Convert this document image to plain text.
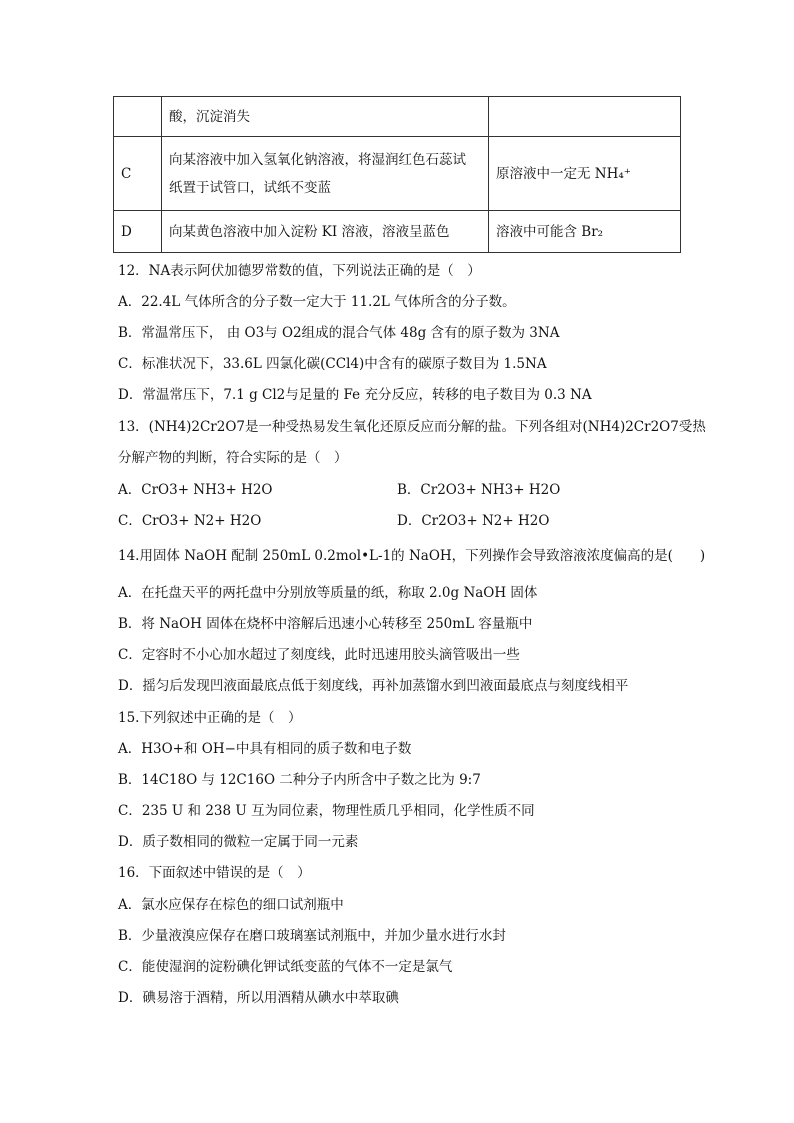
	酸，沉淀消失	
C	向某溶液中加入氢氧化钠溶液，将湿润红色石蕊试
纸置于试管口，试纸不变蓝	原溶液中一定无 NH₄⁺
D	向某黄色溶液中加入淀粉 KI 溶液，溶液呈蓝色	溶液中可能含 Br₂
12．NA表示阿伏加德罗常数的值，下列说法正确的是（　）
A．22.4L 气体所含的分子数一定大于 11.2L 气体所含的分子数。
B．常温常压下， 由 O3与 O2组成的混合气体 48g 含有的原子数为 3NA
C．标准状况下，33.6L 四氯化碳(CCl4)中含有的碳原子数目为 1.5NA
D．常温常压下，7.1 g Cl2与足量的 Fe 充分反应，转移的电子数目为 0.3 NA
13．(NH4)2Cr2O7是一种受热易发生氧化还原反应而分解的盐。下列各组对(NH4)2Cr2O7受热
分解产物的判断，符合实际的是（　）
A．CrO3+ NH3+ H2O	B．Cr2O3+ NH3+ H2O
C．CrO3+ N2+ H2O	D．Cr2O3+ N2+ H2O
14.用固体 NaOH 配制 250mL 0.2mol•L-1的 NaOH，下列操作会导致溶液浓度偏高的是(　　)
A．在托盘天平的两托盘中分别放等质量的纸，称取 2.0g NaOH 固体
B．将 NaOH 固体在烧杯中溶解后迅速小心转移至 250mL 容量瓶中
C．定容时不小心加水超过了刻度线，此时迅速用胶头滴管吸出一些
D．摇匀后发现凹液面最底点低于刻度线，再补加蒸馏水到凹液面最底点与刻度线相平
15.下列叙述中正确的是（　）
A．H3O+和 OH−中具有相同的质子数和电子数
B．14C18O 与 12C16O 二种分子内所含中子数之比为 9:7
C．235 U 和 238 U 互为同位素，物理性质几乎相同，化学性质不同
D．质子数相同的微粒一定属于同一元素
16．下面叙述中错误的是（　）
A．氯水应保存在棕色的细口试剂瓶中
B．少量液溴应保存在磨口玻璃塞试剂瓶中，并加少量水进行水封
C．能使湿润的淀粉碘化钾试纸变蓝的气体不一定是氯气
D．碘易溶于酒精，所以用酒精从碘水中萃取碘
